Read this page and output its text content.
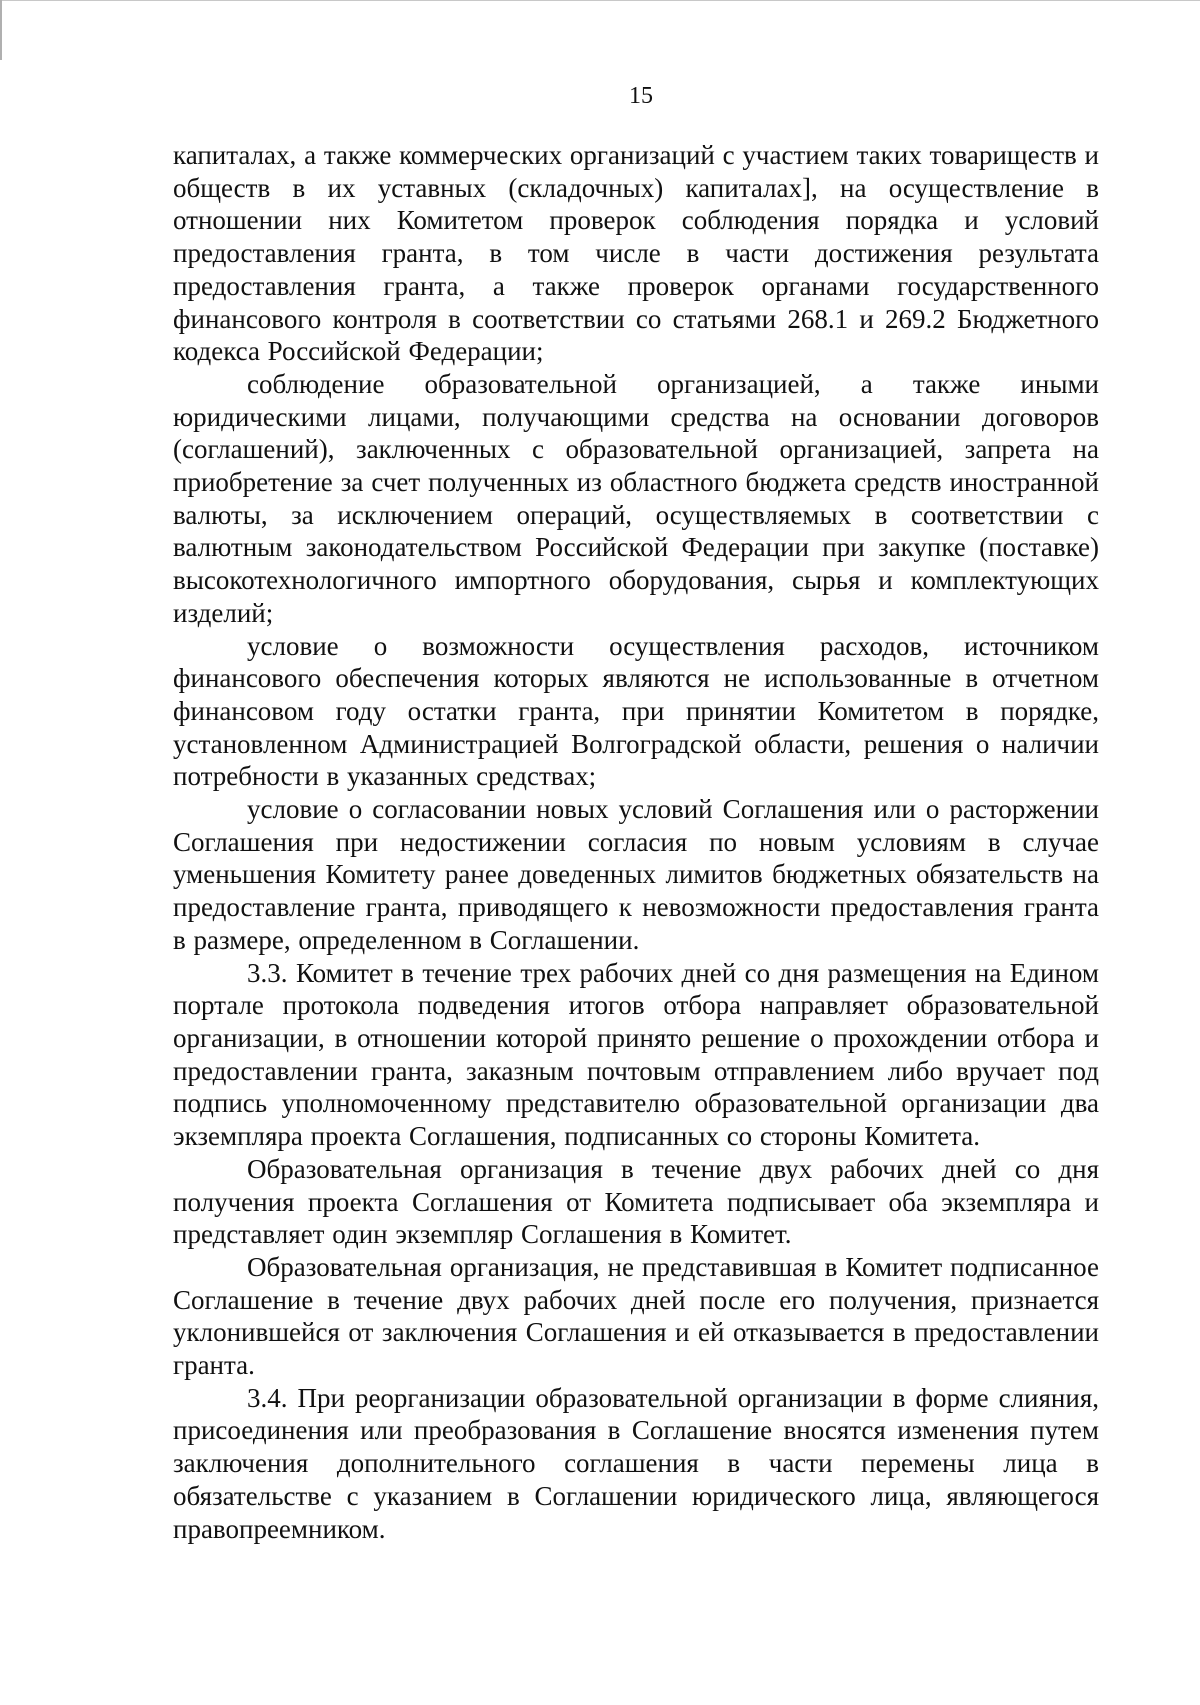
15

капиталах, а также коммерческих организаций с участием таких товариществ и обществ в их уставных (складочных) капиталах], на осуществление в отношении них Комитетом проверок соблюдения порядка и условий предоставления гранта, в том числе в части достижения результата предоставления гранта, а также проверок органами государственного финансового контроля в соответствии со статьями 268.1 и 269.2 Бюджетного кодекса Российской Федерации;

соблюдение образовательной организацией, а также иными юридическими лицами, получающими средства на основании договоров (соглашений), заключенных с образовательной организацией, запрета на приобретение за счет полученных из областного бюджета средств иностранной валюты, за исключением операций, осуществляемых в соответствии с валютным законодательством Российской Федерации при закупке (поставке) высокотехнологичного импортного оборудования, сырья и комплектующих изделий;

условие о возможности осуществления расходов, источником финансового обеспечения которых являются не использованные в отчетном финансовом году остатки гранта, при принятии Комитетом в порядке, установленном Администрацией Волгоградской области, решения о наличии потребности в указанных средствах;

условие о согласовании новых условий Соглашения или о расторжении Соглашения при недостижении согласия по новым условиям в случае уменьшения Комитету ранее доведенных лимитов бюджетных обязательств на предоставление гранта, приводящего к невозможности предоставления гранта в размере, определенном в Соглашении.

3.3. Комитет в течение трех рабочих дней со дня размещения на Едином портале протокола подведения итогов отбора направляет образовательной организации, в отношении которой принято решение о прохождении отбора и предоставлении гранта, заказным почтовым отправлением либо вручает под подпись уполномоченному представителю образовательной организации два экземпляра проекта Соглашения, подписанных со стороны Комитета.

Образовательная организация в течение двух рабочих дней со дня получения проекта Соглашения от Комитета подписывает оба экземпляра и представляет один экземпляр Соглашения в Комитет.

Образовательная организация, не представившая в Комитет подписанное Соглашение в течение двух рабочих дней после его получения, признается уклонившейся от заключения Соглашения и ей отказывается в предоставлении гранта.

3.4. При реорганизации образовательной организации в форме слияния, присоединения или преобразования в Соглашение вносятся изменения путем заключения дополнительного соглашения в части перемены лица в обязательстве с указанием в Соглашении юридического лица, являющегося правопреемником.
